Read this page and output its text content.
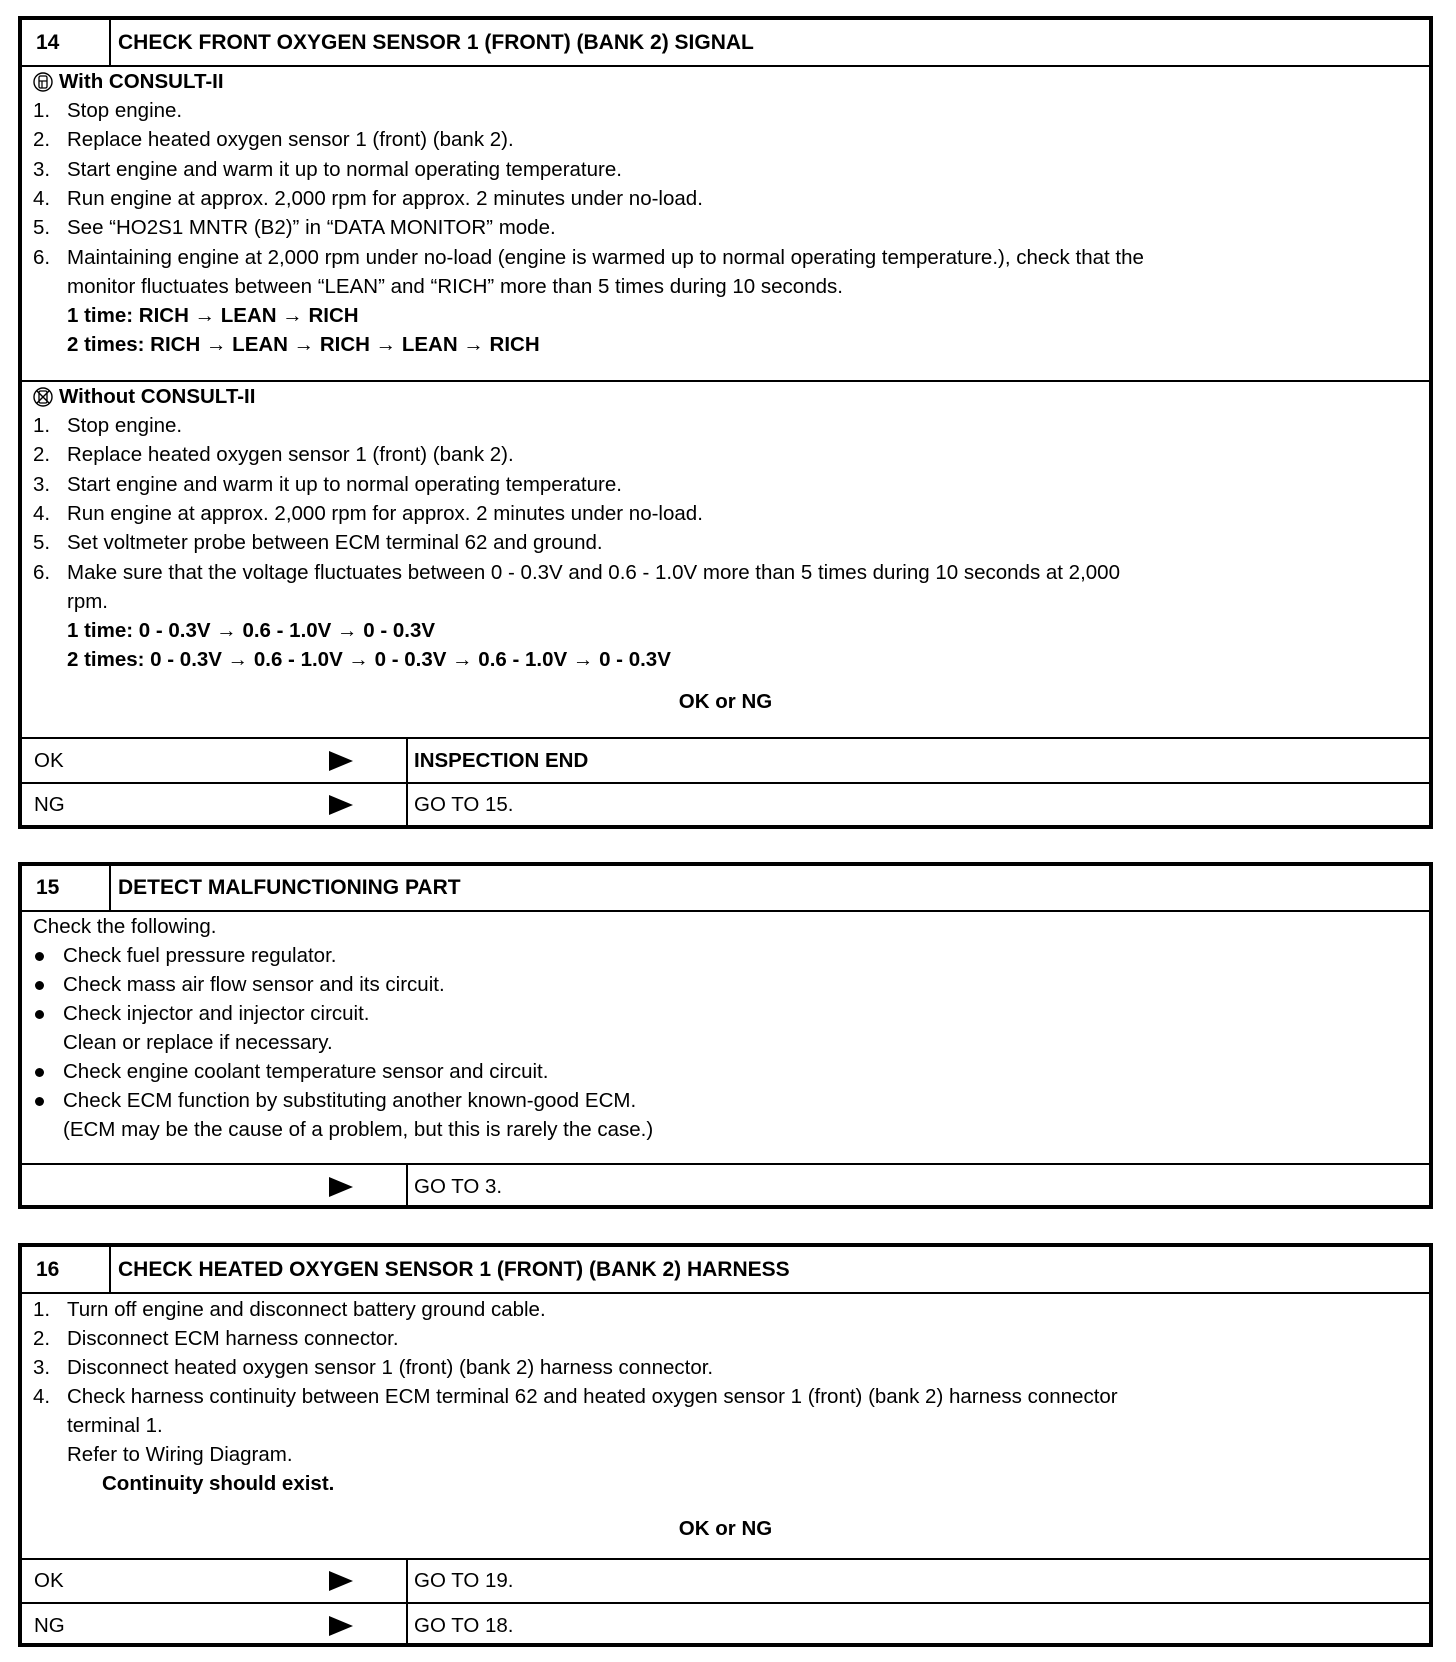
14	CHECK FRONT OXYGEN SENSOR 1 (FRONT) (BANK 2) SIGNAL
With CONSULT-II
1. Stop engine.
2. Replace heated oxygen sensor 1 (front) (bank 2).
3. Start engine and warm it up to normal operating temperature.
4. Run engine at approx. 2,000 rpm for approx. 2 minutes under no-load.
5. See “HO2S1 MNTR (B2)” in “DATA MONITOR” mode.
6. Maintaining engine at 2,000 rpm under no-load (engine is warmed up to normal operating temperature.), check that the
monitor fluctuates between “LEAN” and “RICH” more than 5 times during 10 seconds.
1 time: RICH → LEAN → RICH
2 times: RICH → LEAN → RICH → LEAN → RICH
Without CONSULT-II
1. Stop engine.
2. Replace heated oxygen sensor 1 (front) (bank 2).
3. Start engine and warm it up to normal operating temperature.
4. Run engine at approx. 2,000 rpm for approx. 2 minutes under no-load.
5. Set voltmeter probe between ECM terminal 62 and ground.
6. Make sure that the voltage fluctuates between 0 - 0.3V and 0.6 - 1.0V more than 5 times during 10 seconds at 2,000
rpm.
1 time: 0 - 0.3V → 0.6 - 1.0V → 0 - 0.3V
2 times: 0 - 0.3V → 0.6 - 1.0V → 0 - 0.3V → 0.6 - 1.0V → 0 - 0.3V
OK or NG
OK	INSPECTION END
NG	GO TO 15.
15	DETECT MALFUNCTIONING PART
Check the following.
Check fuel pressure regulator.
Check mass air flow sensor and its circuit.
Check injector and injector circuit.
Clean or replace if necessary.
Check engine coolant temperature sensor and circuit.
Check ECM function by substituting another known-good ECM.
(ECM may be the cause of a problem, but this is rarely the case.)
GO TO 3.
16	CHECK HEATED OXYGEN SENSOR 1 (FRONT) (BANK 2) HARNESS
1. Turn off engine and disconnect battery ground cable.
2. Disconnect ECM harness connector.
3. Disconnect heated oxygen sensor 1 (front) (bank 2) harness connector.
4. Check harness continuity between ECM terminal 62 and heated oxygen sensor 1 (front) (bank 2) harness connector
terminal 1.
Refer to Wiring Diagram.
Continuity should exist.
OK or NG
OK	GO TO 19.
NG	GO TO 18.
